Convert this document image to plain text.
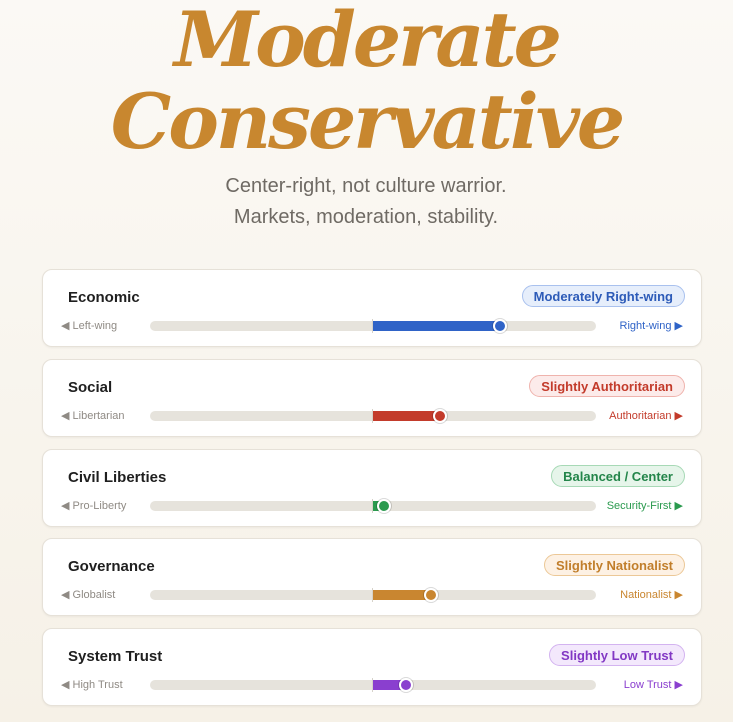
Moderate
Conservative
Center-right, not culture warrior. Markets, moderation, stability.
Economic	Moderately Right-wing
◀ Left-wing	Right-wing ▶
Social	Slightly Authoritarian
◀ Libertarian	Authoritarian ▶
Civil Liberties	Balanced / Center
◀ Pro-Liberty	Security-First ▶
Governance	Slightly Nationalist
◀ Globalist	Nationalist ▶
System Trust	Slightly Low Trust
◀ High Trust	Low Trust ▶
